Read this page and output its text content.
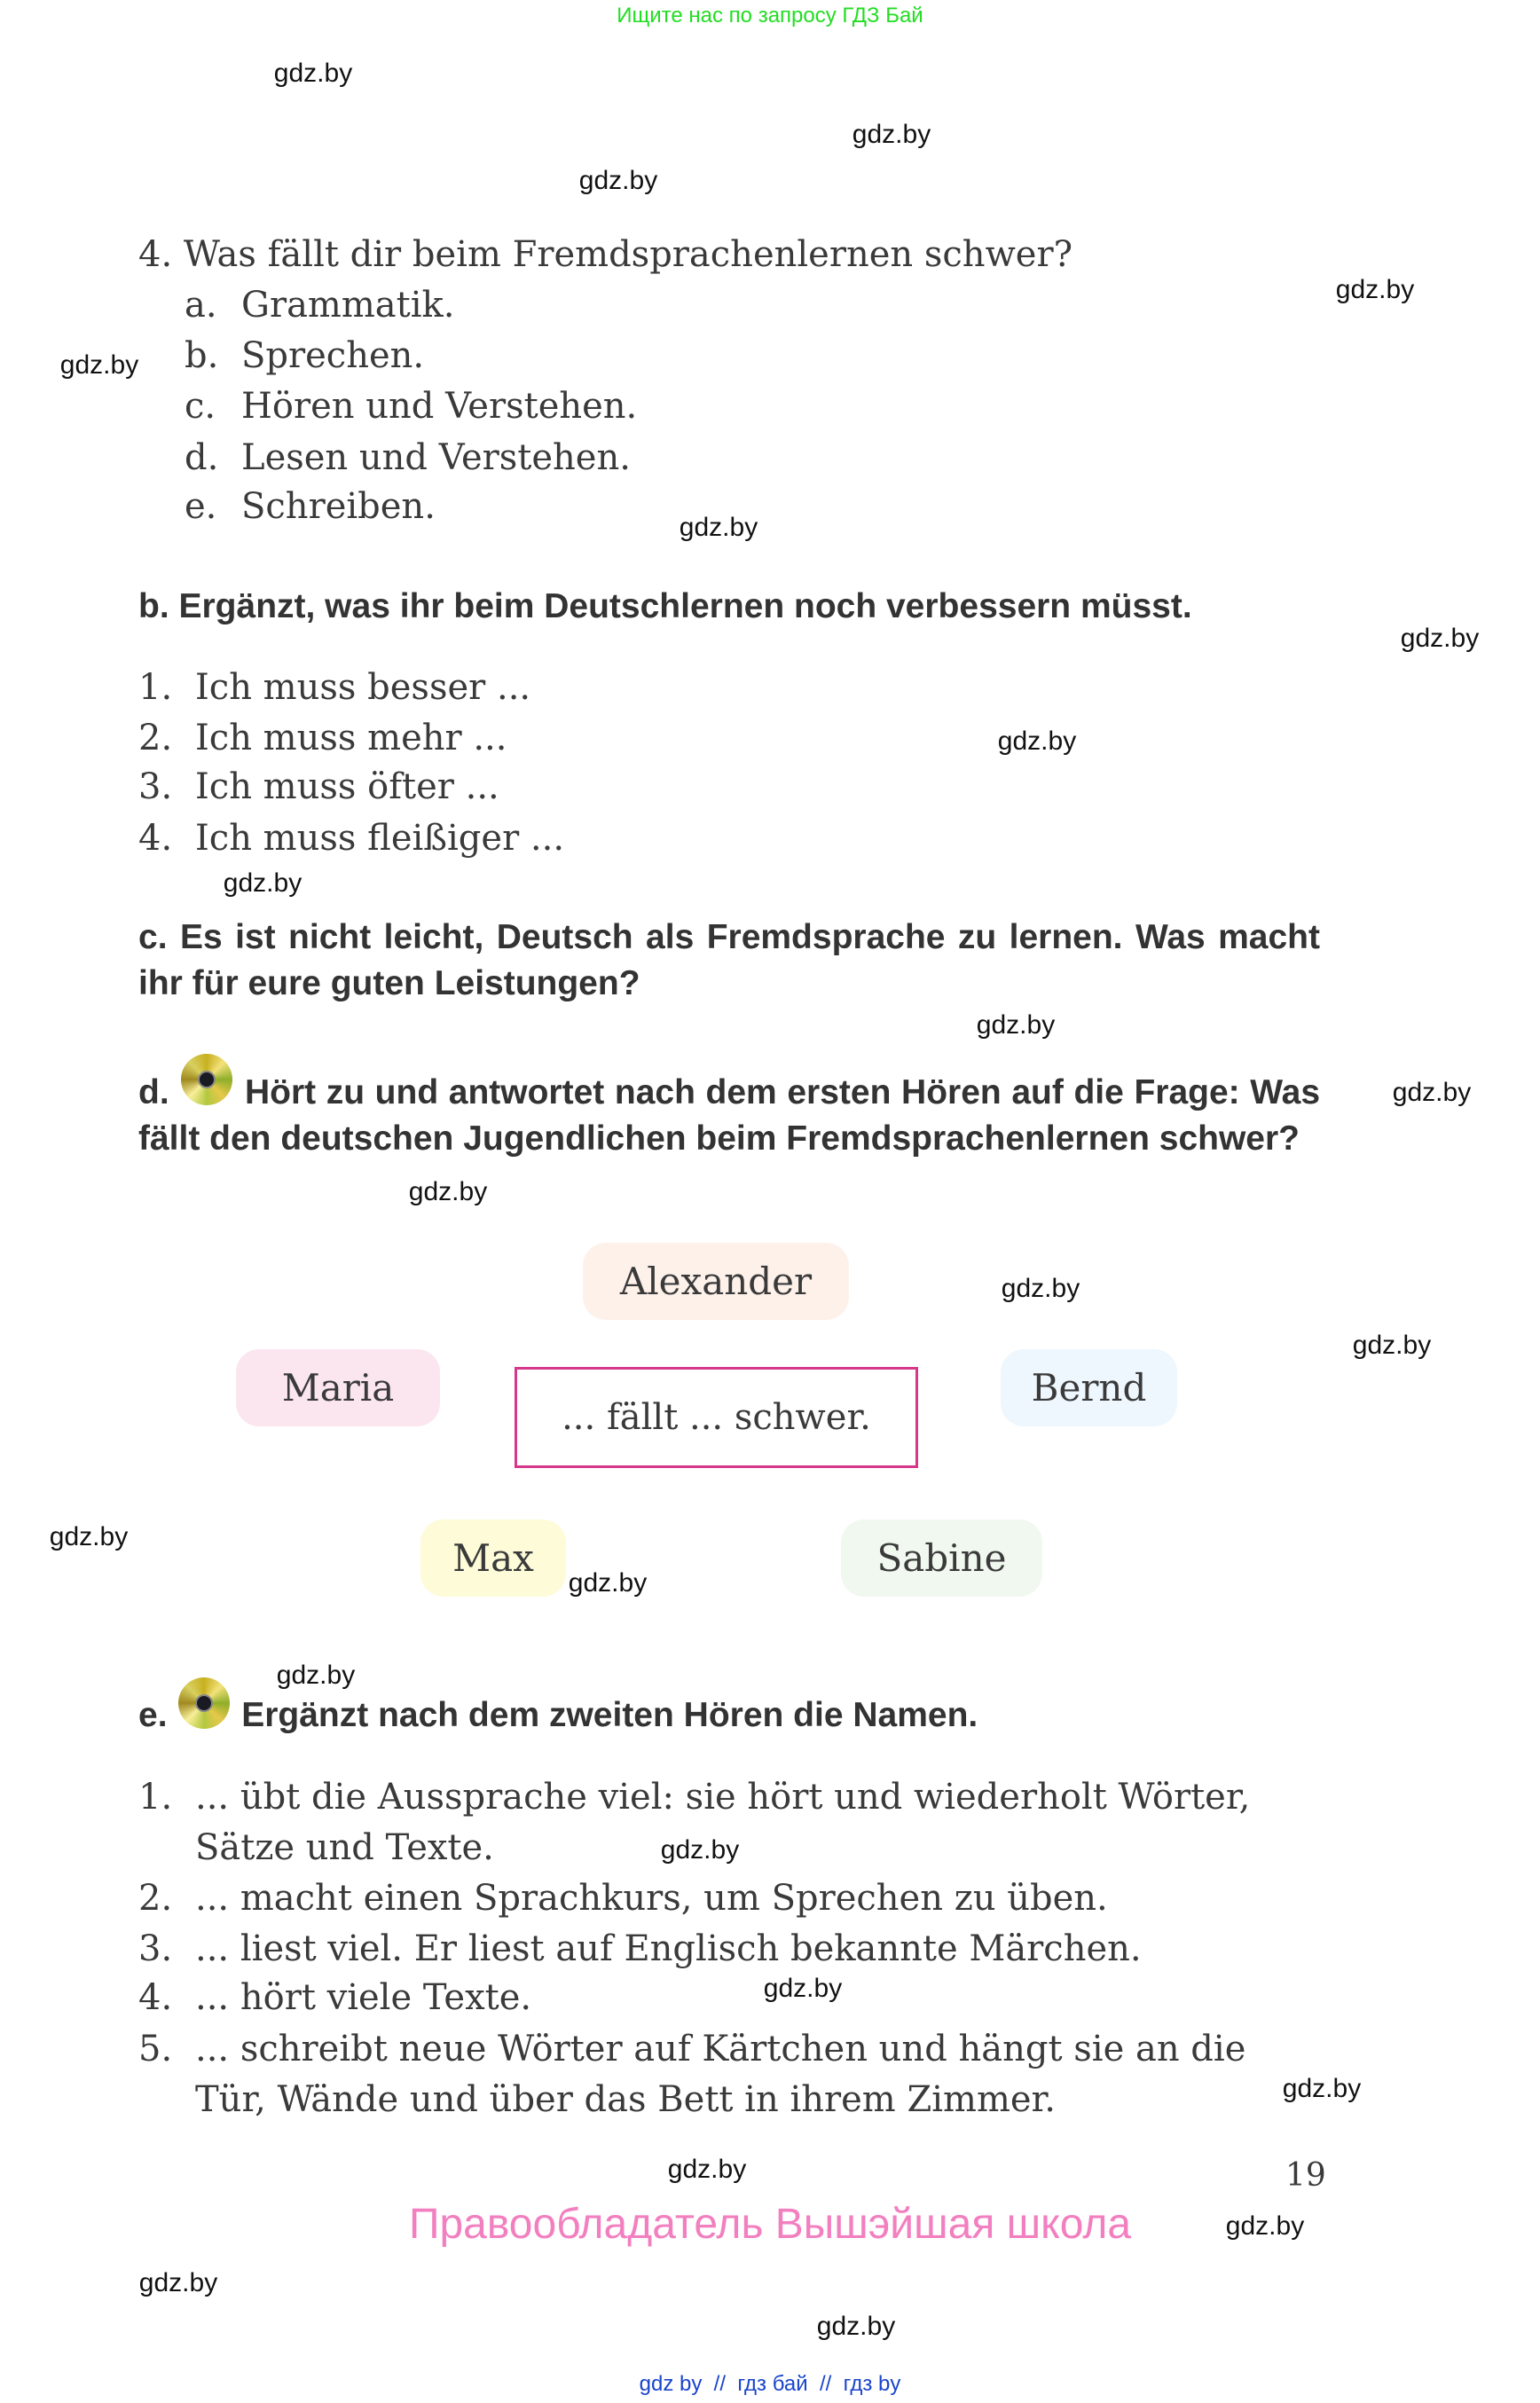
Ищите нас по запросу ГДЗ Бай
4. Was fällt dir beim Fremdsprachenlernen schwer?
a. Grammatik.
b. Sprechen.
c. Hören und Verstehen.
d. Lesen und Verstehen.
e. Schreiben.
b. Ergänzt, was ihr beim Deutschlernen noch verbessern müsst.
1. Ich muss besser ...
2. Ich muss mehr ...
3. Ich muss öfter ...
4. Ich muss fleißiger ...
c. Es ist nicht leicht, Deutsch als Fremdsprache zu lernen. Was macht ihr für eure guten Leistungen?
d. Hört zu und antwortet nach dem ersten Hören auf die Frage: Was fällt den deutschen Jugendlichen beim Fremdsprachenlernen schwer?
Alexander
Maria	Bernd
Max	Sabine
... fällt ... schwer.
e. Ergänzt nach dem zweiten Hören die Namen.
1. ... übt die Aussprache viel: sie hört und wiederholt Wörter,
Sätze und Texte.
2. ... macht einen Sprachkurs, um Sprechen zu üben.
3. ... liest viel. Er liest auf Englisch bekannte Märchen.
4. ... hört viele Texte.
5. ... schreibt neue Wörter auf Kärtchen und hängt sie an die
Tür, Wände und über das Bett in ihrem Zimmer.
19
Правообладатель Вышэйшая школа
gdz by  //  гдз бай  //  гдз by
gdz.by
gdz.by
gdz.by
gdz.by
gdz.by
gdz.by
gdz.by
gdz.by
gdz.by
gdz.by
gdz.by
gdz.by
gdz.by
gdz.by
gdz.by
gdz.by
gdz.by
gdz.by
gdz.by
gdz.by
gdz.by
gdz.by
gdz.by
gdz.by
